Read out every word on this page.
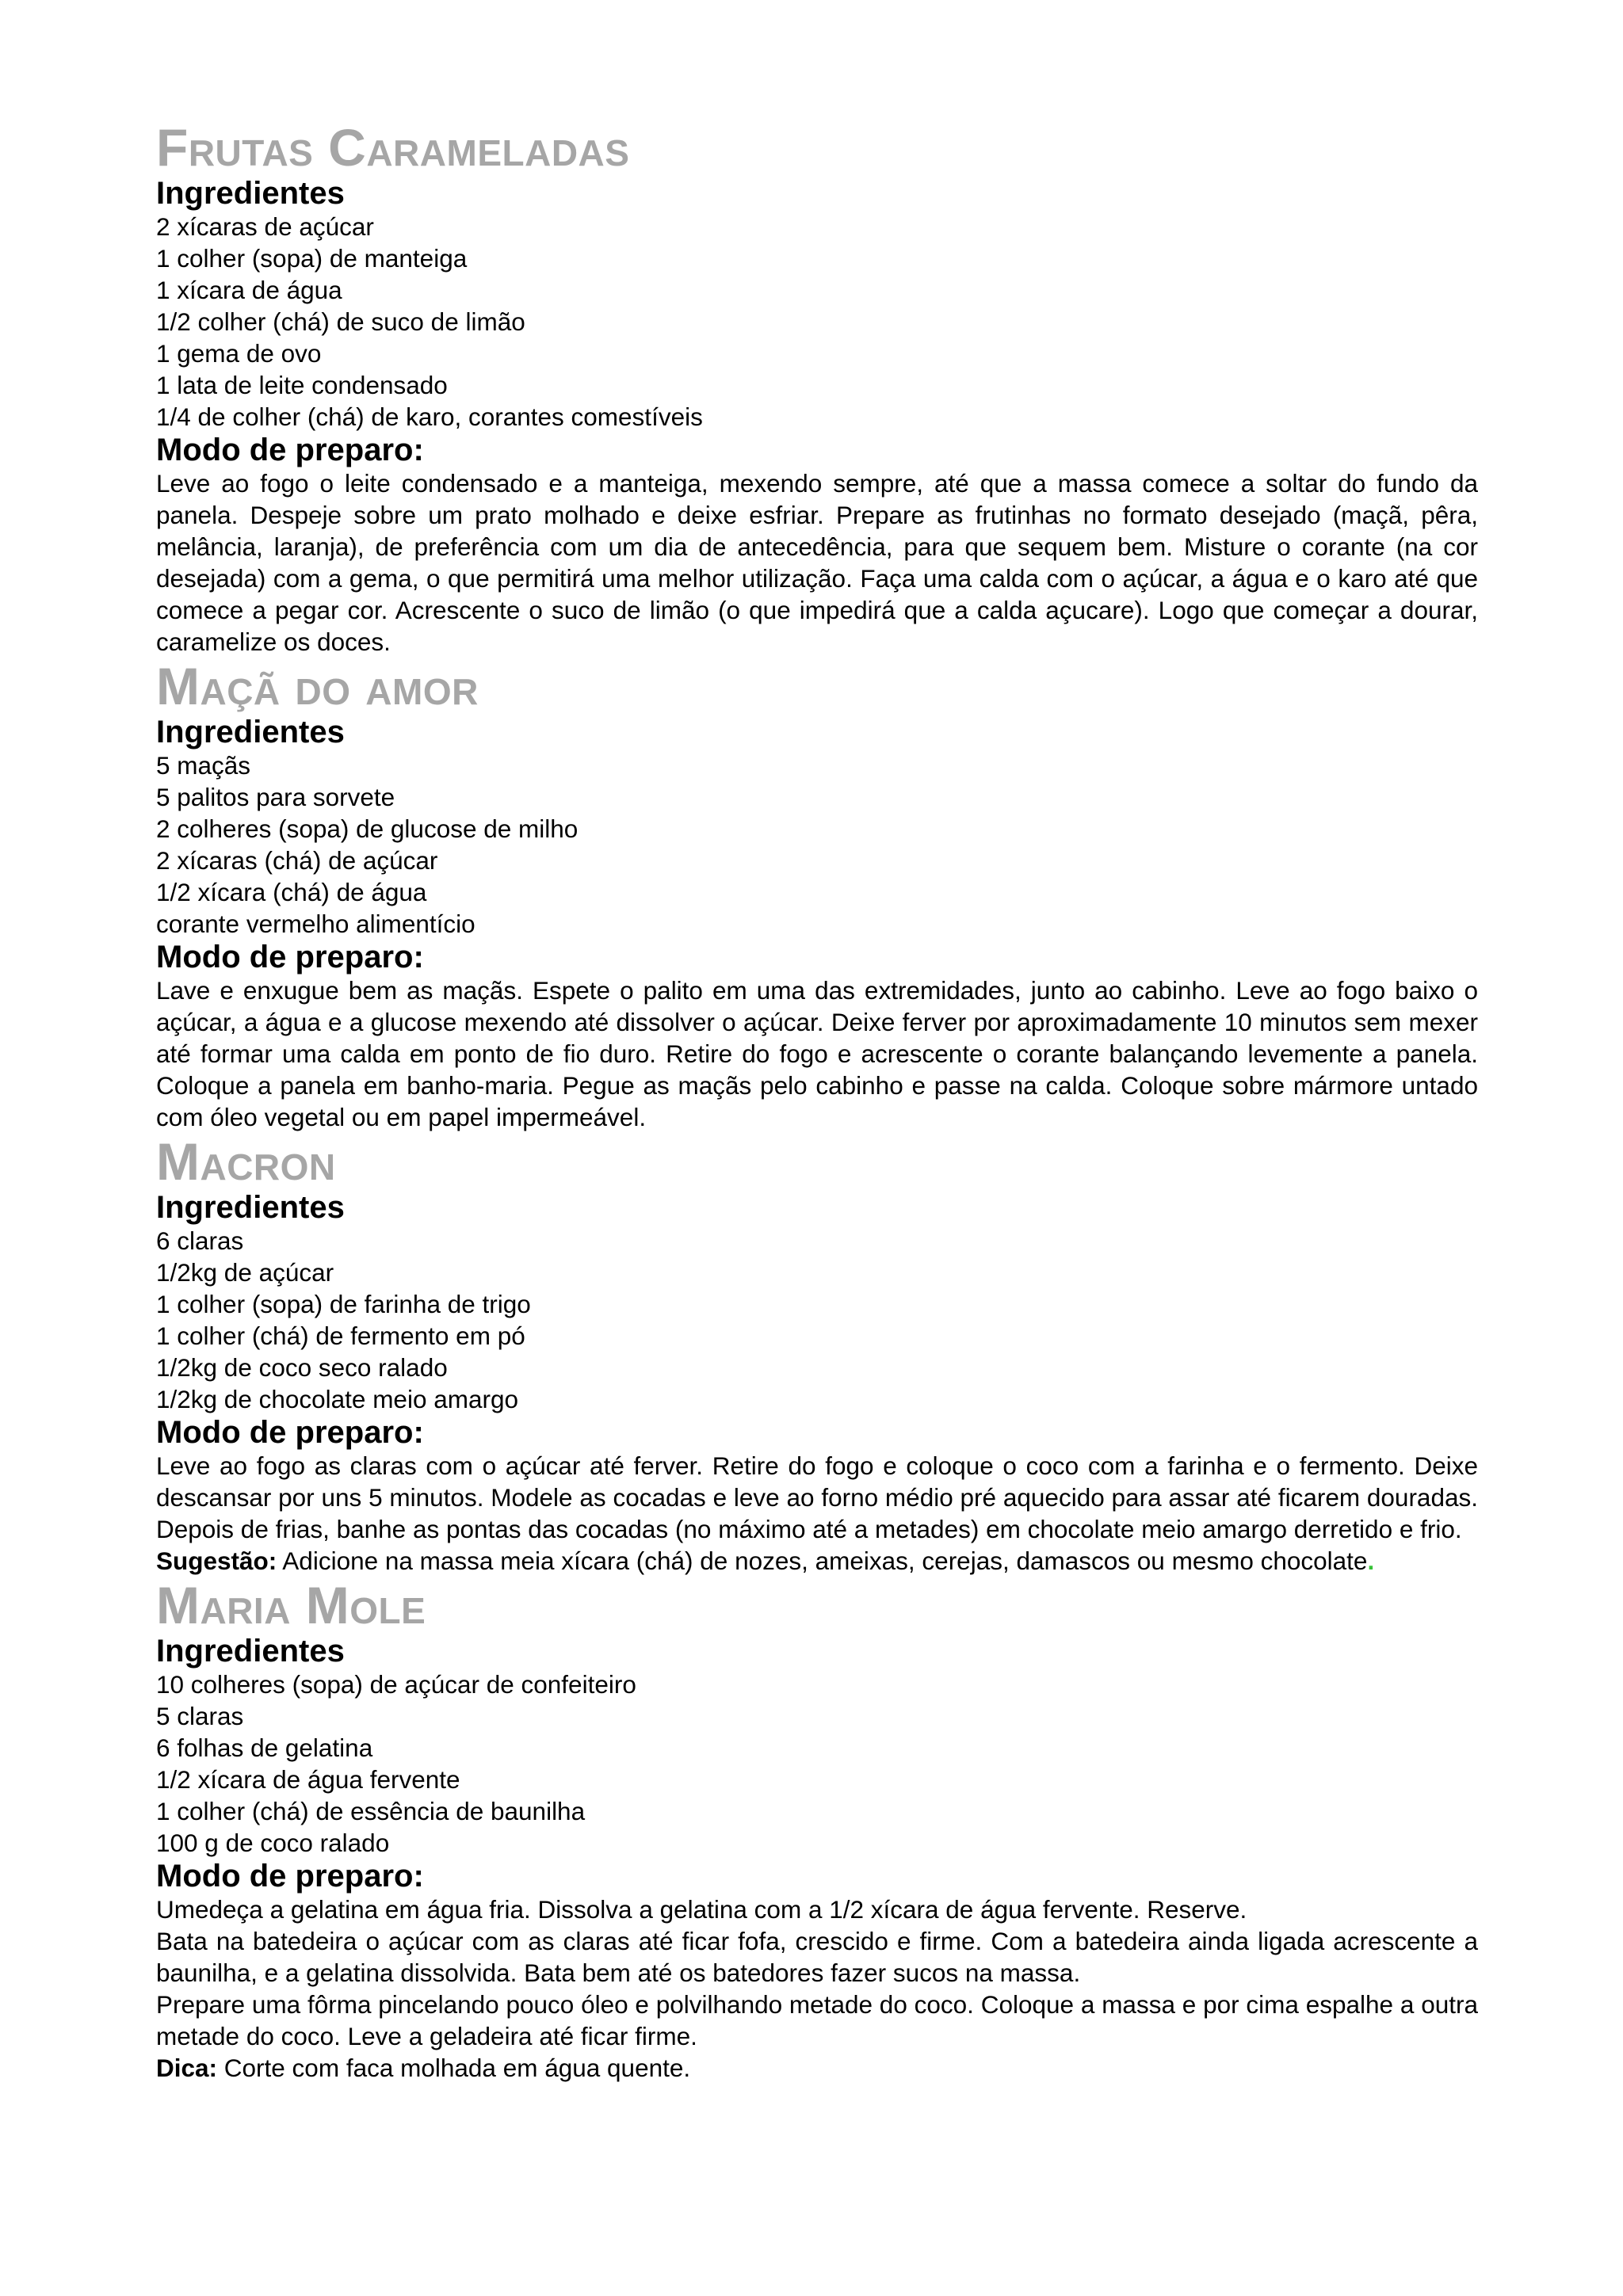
Frutas Carameladas
Ingredientes

2 xícaras de açúcar

1 colher (sopa) de manteiga

1 xícara de água

1/2 colher (chá) de suco de limão

1 gema de ovo

1 lata de leite condensado

1/4 de colher (chá) de karo, corantes comestíveis

Modo de preparo:

Leve ao fogo o leite condensado e a manteiga, mexendo sempre, até que a massa comece a soltar do fundo da panela. Despeje sobre um prato molhado e deixe esfriar. Prepare as frutinhas no formato desejado (maçã, pêra, melância, laranja), de preferência com um dia de antecedência, para que sequem bem. Misture o corante (na cor desejada) com a gema, o que permitirá uma melhor utilização. Faça uma calda com o açúcar, a água e o karo até que comece a pegar cor. Acrescente o suco de limão (o que impedirá que a calda açucare). Logo que começar a dourar, caramelize os doces.

Maçã do amor
Ingredientes

5 maçãs

5 palitos para sorvete

2 colheres (sopa) de glucose de milho

2 xícaras (chá) de açúcar

1/2 xícara (chá) de água

corante vermelho alimentício

Modo de preparo:

Lave e enxugue bem as maçãs. Espete o palito em uma das extremidades, junto ao cabinho. Leve ao fogo baixo o açúcar, a água e a glucose mexendo até dissolver o açúcar. Deixe ferver por aproximadamente 10 minutos sem mexer até formar uma calda em ponto de fio duro. Retire do fogo e acrescente o corante balançando levemente a panela. Coloque a panela em banho-maria. Pegue as maçãs pelo cabinho e passe na calda. Coloque sobre mármore untado com óleo vegetal ou em papel impermeável.

Macron
Ingredientes

6 claras

1/2kg de açúcar

1 colher (sopa) de farinha de trigo

1 colher (chá) de fermento em pó

1/2kg de coco seco ralado

1/2kg de chocolate meio amargo

Modo de preparo:

Leve ao fogo as claras com o açúcar até ferver. Retire do fogo e coloque o coco com a farinha e o fermento. Deixe descansar por uns 5 minutos. Modele as cocadas e leve ao forno médio pré aquecido para assar até ficarem douradas. Depois de frias, banhe as pontas das cocadas (no máximo até a metades) em chocolate meio amargo derretido e frio.

Sugestão: Adicione na massa meia xícara (chá) de nozes, ameixas, cerejas, damascos ou mesmo chocolate.

Maria Mole
Ingredientes

10 colheres (sopa) de açúcar de confeiteiro

5 claras

6 folhas de gelatina

1/2 xícara de água fervente

1 colher (chá) de essência de baunilha

100 g de coco ralado

Modo de preparo:

Umedeça a gelatina em água fria. Dissolva a gelatina com a 1/2 xícara de água fervente. Reserve.

Bata na batedeira o açúcar com as claras até ficar fofa, crescido e firme. Com a batedeira ainda ligada acrescente a baunilha, e a gelatina dissolvida. Bata bem até os batedores fazer sucos na massa.

Prepare uma fôrma pincelando pouco óleo e polvilhando metade do coco. Coloque a massa e por cima espalhe a outra metade do coco. Leve a geladeira até ficar firme.

Dica: Corte com faca molhada em água quente.
